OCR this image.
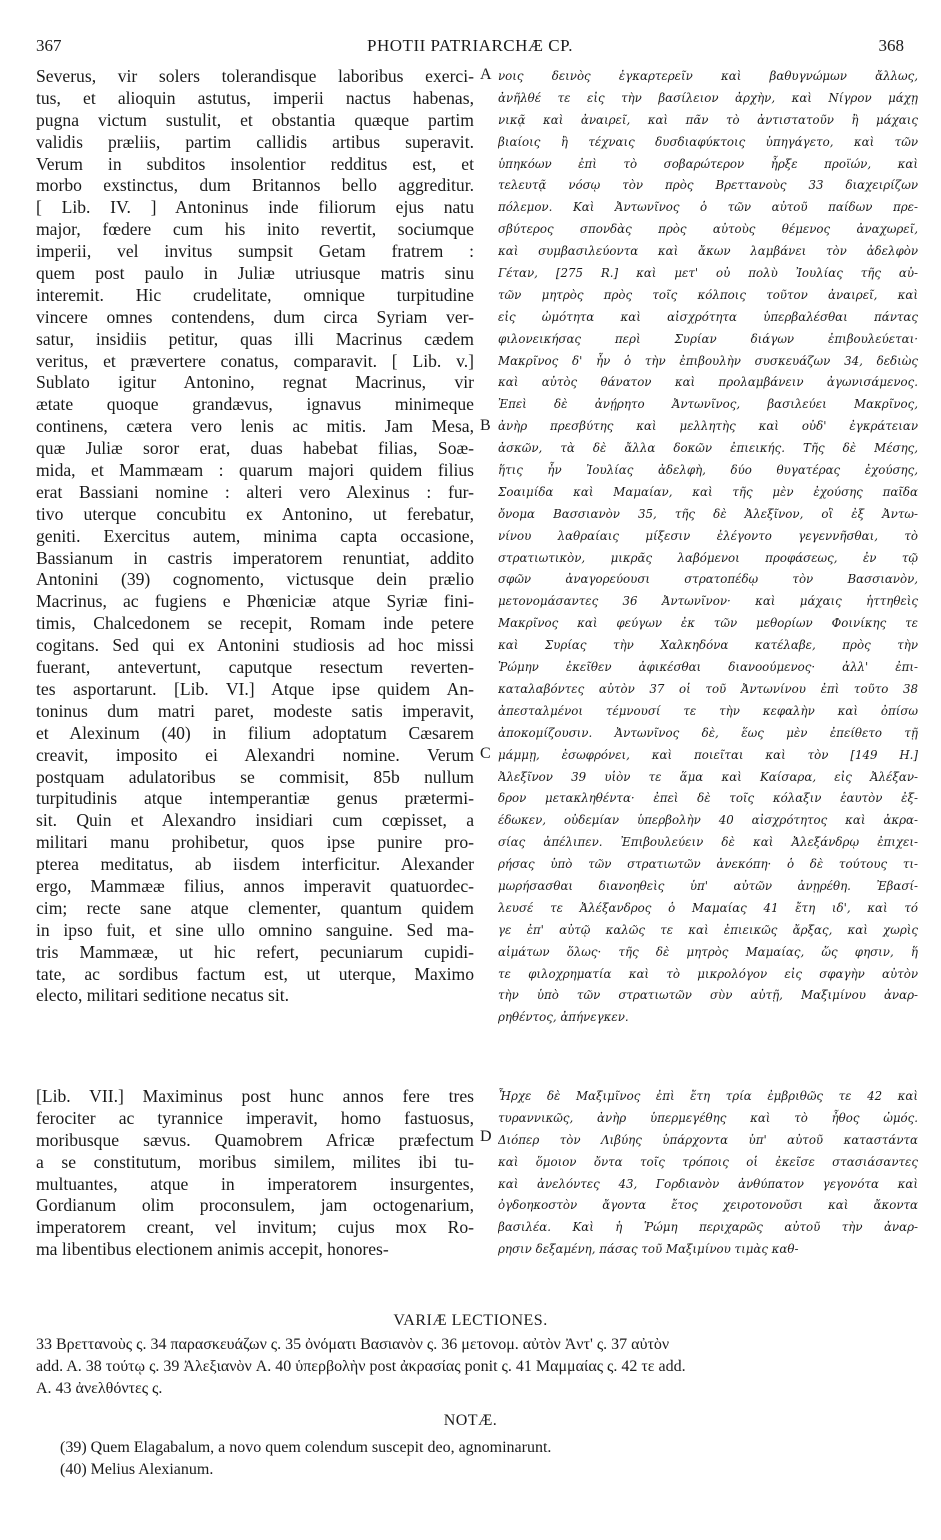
367	PHOTII PATRIARCHÆ CP.	368
A
B
C
D
Severus, vir solers tolerandisque laboribus exerci-
tus, et alioquin astutus, imperii nactus habenas,
pugna victum sustulit, et obstantia quæque partim
validis præliis, partim callidis artibus superavit.
Verum in subditos insolentior redditus est, et
morbo exstinctus, dum Britannos bello aggreditur.
[ Lib. IV. ] Antoninus inde filiorum ejus natu
major, fœdere cum his inito revertit, sociumque
imperii, vel invitus sumpsit Getam fratrem :
quem post paulo in Juliæ utriusque matris sinu
interemit. Hic crudelitate, omnique turpitudine
vincere omnes contendens, dum circa Syriam ver-
satur, insidiis petitur, quas illi Macrinus cædem
veritus, et prævertere conatus, comparavit. [ Lib. v.]
Sublato igitur Antonino, regnat Macrinus, vir
ætate quoque grandævus, ignavus minimeque
continens, cætera vero lenis ac mitis. Jam Mesa,
quæ Juliæ soror erat, duas habebat filias, Soæ-
mida, et Mammæam : quarum majori quidem filius
erat Bassiani nomine : alteri vero Alexinus : fur-
tivo uterque concubitu ex Antonino, ut ferebatur,
geniti. Exercitus autem, minima capta occasione,
Bassianum in castris imperatorem renuntiat, addito
Antonini (39) cognomento, victusque dein prælio
Macrinus, ac fugiens e Phœniciæ atque Syriæ fini-
timis, Chalcedonem se recepit, Romam inde petere
cogitans. Sed qui ex Antonini studiosis ad hoc missi
fuerant, antevertunt, caputque resectum reverten-
tes asportarunt. [Lib. VI.] Atque ipse quidem An-
toninus dum matri paret, modeste satis imperavit,
et Alexinum (40) in filium adoptatum Cæsarem
creavit, imposito ei Alexandri nomine. Verum
postquam adulatoribus se commisit, 85b nullum
turpitudinis atque intemperantiæ genus prætermi-
sit. Quin et Alexandro insidiari cum cœpisset, a
militari manu prohibetur, quos ipse punire pro-
pterea meditatus, ab iisdem interficitur. Alexander
ergo, Mammææ filius, annos imperavit quatuordec-
cim; recte sane atque clementer, quantum quidem
in ipso fuit, et sine ullo omnino sanguine. Sed ma-
tris Mammææ, ut hic refert, pecuniarum cupidi-
tate, ac sordibus factum est, ut uterque, Maximo
electo, militari seditione necatus sit.
[Lib. VII.] Maximinus post hunc annos fere tres
ferociter ac tyrannice imperavit, homo fastuosus,
moribusque sævus. Quamobrem Africæ præfectum
a se constitutum, moribus similem, milites ibi tu-
multuantes, atque in imperatorem insurgentes,
Gordianum olim proconsulem, jam octogenarium,
imperatorem creant, vel invitum; cujus mox Ro-
ma libentibus electionem animis accepit, honores-
νοις δεινὸς ἐγκαρτερεῖν καὶ βαθυγνώμων ἄλλως,
ἀνῆλθέ τε εἰς τὴν βασίλειον ἀρχὴν, καὶ Νίγρον μάχῃ
νικᾷ καὶ ἀναιρεῖ, καὶ πᾶν τὸ ἀντιστατοῦν ἢ μάχαις
βιαίοις ἢ τέχναις δυσδιαφύκτοις ὑπηγάγετο, καὶ τῶν
ὑπηκόων ἐπὶ τὸ σοβαρώτερον ἦρξε προϊών, καὶ
τελευτᾷ νόσῳ τὸν πρὸς Βρεττανοὺς 33 διαχειρίζων
πόλεμον. Καὶ Ἀντωνῖνος ὁ τῶν αὐτοῦ παίδων πρε-
σβύτερος σπονδὰς πρὸς αὐτοὺς θέμενος ἀναχωρεῖ,
καὶ συμβασιλεύοντα καὶ ἄκων λαμβάνει τὸν ἀδελφὸν
Γέταν, [275 R.] καὶ μετ' οὐ πολὺ Ἰουλίας τῆς αὐ-
τῶν μητρὸς πρὸς τοῖς κόλποις τοῦτον ἀναιρεῖ, καὶ
εἰς ὠμότητα καὶ αἰσχρότητα ὑπερβαλέσθαι πάντας
φιλονεικήσας περὶ Συρίαν διάγων ἐπιβουλεύεται·
Μακρῖνος δ' ἦν ὁ τὴν ἐπιβουλὴν συσκευάζων 34, δεδιὼς
καὶ αὐτὸς θάνατον καὶ προλαμβάνειν ἀγωνισάμενος.
Ἐπεὶ δὲ ἀνῄρητο Ἀντωνῖνος, βασιλεύει Μακρῖνος,
ἀνὴρ πρεσβύτης καὶ μελλητὴς καὶ οὐδ' ἐγκράτειαν
ἀσκῶν, τὰ δὲ ἄλλα δοκῶν ἐπιεικής. Τῆς δὲ Μέσης,
ἥτις ἦν Ἰουλίας ἀδελφὴ, δύο θυγατέρας ἐχούσης,
Σοαιμίδα καὶ Μαμαίαν, καὶ τῆς μὲν ἐχούσης παῖδα
ὄνομα Βασσιανὸν 35, τῆς δὲ Ἀλεξῖνον, οἳ ἐξ Ἀντω-
νίνου λαθραίαις μίξεσιν ἐλέγοντο γεγεννῆσθαι, τὸ
στρατιωτικὸν, μικρᾶς λαβόμενοι προφάσεως, ἐν τῷ
σφῶν ἀναγορεύουσι στρατοπέδῳ τὸν Βασσιανὸν,
μετονομάσαντες 36 Ἀντωνῖνον· καὶ μάχαις ἡττηθεὶς
Μακρῖνος καὶ φεύγων ἐκ τῶν μεθορίων Φοινίκης τε
καὶ Συρίας τὴν Χαλκηδόνα κατέλαβε, πρὸς τὴν
Ῥώμην ἐκεῖθεν ἀφικέσθαι διανοούμενος· ἀλλ' ἐπι-
καταλαβόντες αὐτὸν 37 οἱ τοῦ Ἀντωνίνου ἐπὶ τοῦτο 38
ἀπεσταλμένοι τέμνουσί τε τὴν κεφαλὴν καὶ ὀπίσω
ἀποκομίζουσιν. Ἀντωνῖνος δὲ, ἕως μὲν ἐπείθετο τῇ
μάμμῃ, ἐσωφρόνει, καὶ ποιεῖται καὶ τὸν [149 H.]
Ἀλεξῖνον 39 υἱὸν τε ἅμα καὶ Καίσαρα, εἰς Ἀλέξαν-
δρον μετακληθέντα· ἐπεὶ δὲ τοῖς κόλαξιν ἑαυτὸν ἐξ-
έδωκεν, οὐδεμίαν ὑπερβολὴν 40 αἰσχρότητος καὶ ἀκρα-
σίας ἀπέλιπεν. Ἐπιβουλεύειν δὲ καὶ Ἀλεξάνδρῳ ἐπιχει-
ρήσας ὑπὸ τῶν στρατιωτῶν ἀνεκόπη· ὁ δὲ τούτους τι-
μωρήσασθαι διανοηθεὶς ὑπ' αὐτῶν ἀνῃρέθη. Ἐβασί-
λευσέ τε Ἀλέξανδρος ὁ Μαμαίας 41 ἔτη ιδ', καὶ τό
γε ἐπ' αὐτῷ καλῶς τε καὶ ἐπιεικῶς ἄρξας, καὶ χωρὶς
αἱμάτων ὅλως· τῆς δὲ μητρὸς Μαμαίας, ὥς φησιν, ἥ
τε φιλοχρηματία καὶ τὸ μικρολόγον εἰς σφαγὴν αὐτὸν
τὴν ὑπὸ τῶν στρατιωτῶν σὺν αὐτῇ, Μαξιμίνου ἀναρ-
ρηθέντος, ἀπήνεγκεν.
Ἦρχε δὲ Μαξιμῖνος ἐπὶ ἔτη τρία ἐμβριθῶς τε 42 καὶ
τυραννικῶς, ἀνὴρ ὑπερμεγέθης καὶ τὸ ἦθος ὠμός.
Διόπερ τὸν Λιβύης ὑπάρχοντα ὑπ' αὐτοῦ καταστάντα
καὶ ὅμοιον ὄντα τοῖς τρόποις οἱ ἐκεῖσε στασιάσαντες
καὶ ἀνελόντες 43, Γορδιανὸν ἀνθύπατον γεγονότα καὶ
ὀγδοηκοστὸν ἄγοντα ἔτος χειροτονοῦσι καὶ ἄκοντα
βασιλέα. Καὶ ἡ Ῥώμη περιχαρῶς αὐτοῦ τὴν ἀναρ-
ρησιν δεξαμένη, πάσας τοῦ Μαξιμίνου τιμὰς καθ-
VARIÆ LECTIONES.
33 Βρεττανοὺς ς. 34 παρασκευάζων ς. 35 ὀνόματι Βασιανὸν ς. 36 μετονομ. αὐτὸν Ἀντ' ς. 37 αὐτὸν
add. A. 38 τούτῳ ς. 39 Ἀλεξιανὸν A. 40 ὑπερβολὴν post ἀκρασίας ponit ς. 41 Μαμμαίας ς. 42 τε add.
A. 43 ἀνελθόντες ς.
NOTÆ.
(39) Quem Elagabalum, a novo quem colendum suscepit deo, agnominarunt.
(40) Melius Alexianum.
